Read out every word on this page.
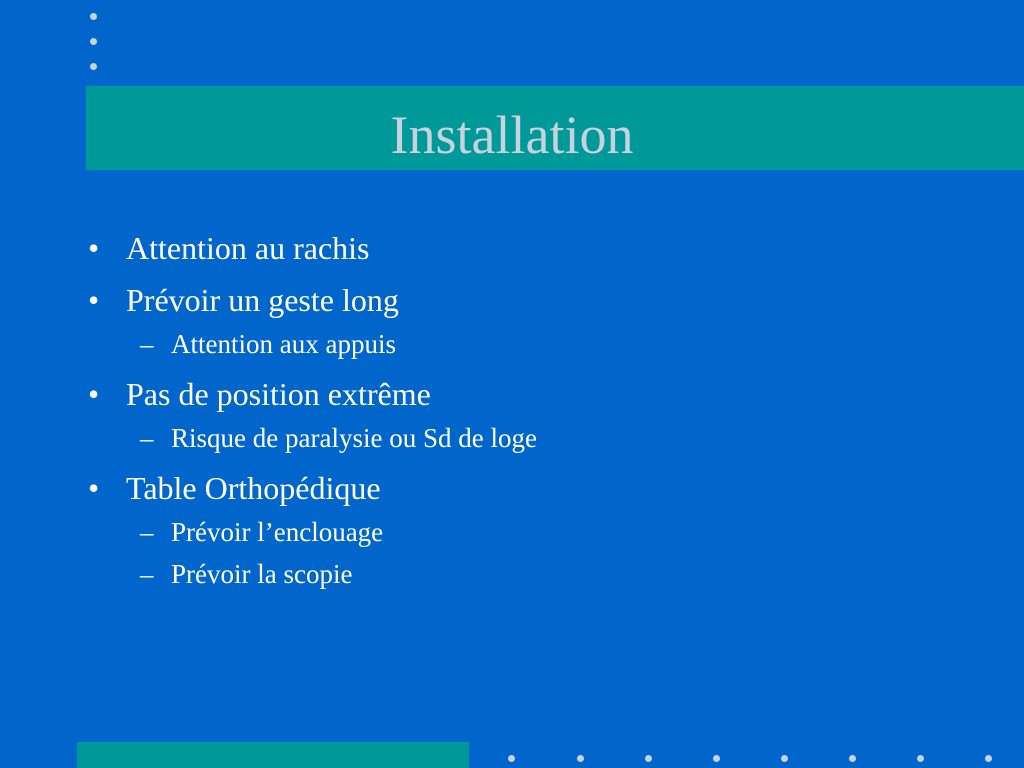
Installation
• Attention au rachis
• Prévoir un geste long
– Attention aux appuis
• Pas de position extrême
– Risque de paralysie ou Sd de loge
• Table Orthopédique
– Prévoir l’enclouage
– Prévoir la scopie
